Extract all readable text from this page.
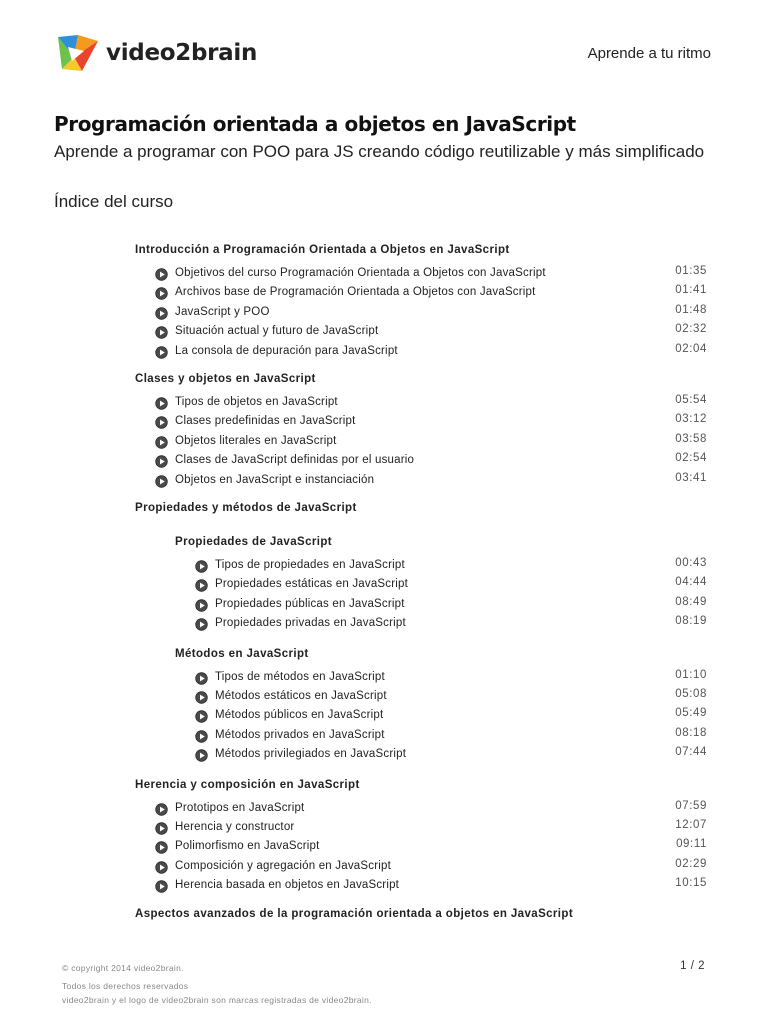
video2brain	Aprende a tu ritmo
Programación orientada a objetos en JavaScript
Aprende a programar con POO para JS creando código reutilizable y más simplificado
Índice del curso
Introducción a Programación Orientada a Objetos en JavaScript
Objetivos del curso Programación Orientada a Objetos con JavaScript	01:35
Archivos base de Programación Orientada a Objetos con JavaScript	01:41
JavaScript y POO	01:48
Situación actual y futuro de JavaScript	02:32
La consola de depuración para JavaScript	02:04
Clases y objetos en JavaScript
Tipos de objetos en JavaScript	05:54
Clases predefinidas en JavaScript	03:12
Objetos literales en JavaScript	03:58
Clases de JavaScript definidas por el usuario	02:54
Objetos en JavaScript e instanciación	03:41
Propiedades y métodos de JavaScript
Propiedades de JavaScript
Tipos de propiedades en JavaScript	00:43
Propiedades estáticas en JavaScript	04:44
Propiedades públicas en JavaScript	08:49
Propiedades privadas en JavaScript	08:19
Métodos en JavaScript
Tipos de métodos en JavaScript	01:10
Métodos estáticos en JavaScript	05:08
Métodos públicos en JavaScript	05:49
Métodos privados en JavaScript	08:18
Métodos privilegiados en JavaScript	07:44
Herencia y composición en JavaScript
Prototipos en JavaScript	07:59
Herencia y constructor	12:07
Polimorfismo en JavaScript	09:11
Composición y agregación en JavaScript	02:29
Herencia basada en objetos en JavaScript	10:15
Aspectos avanzados de la programación orientada a objetos en JavaScript
© copyright 2014 video2brain.
Todos los derechos reservados
video2brain y el logo de video2brain son marcas registradas de video2brain.
1 / 2
